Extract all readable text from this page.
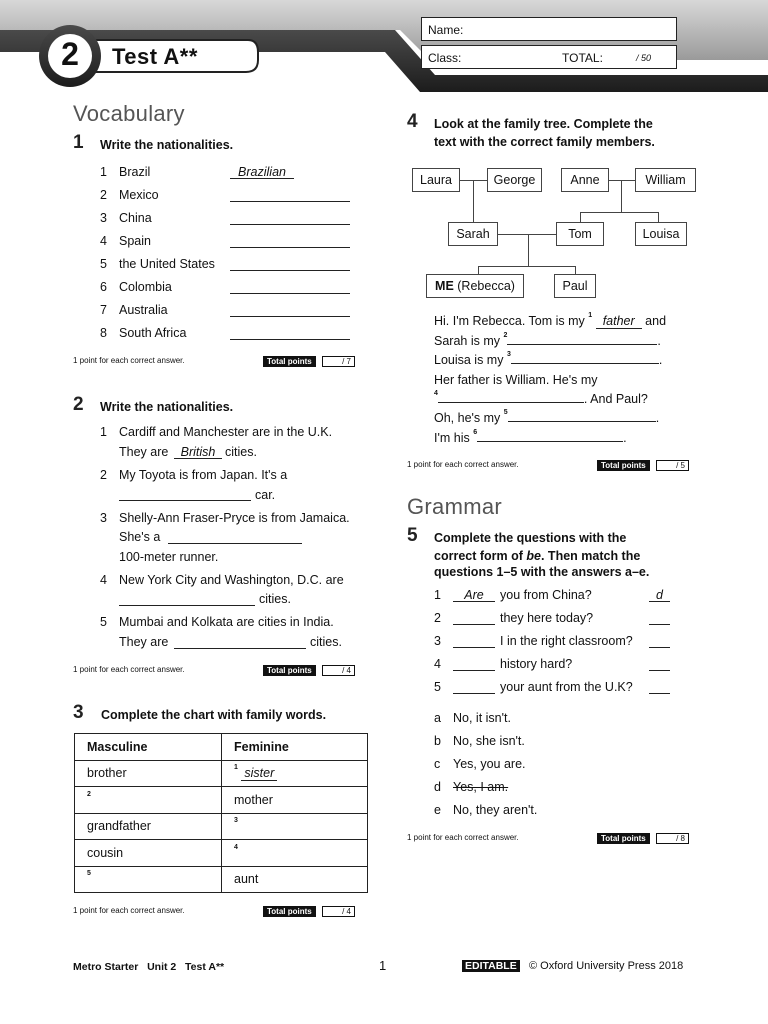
2	Test A**
Name:
Class:	TOTAL:	/ 50
Vocabulary
1 Write the nationalities.
1 Brazil	Brazilian
2 Mexico
3 China
4 Spain
5 the United States
6 Colombia
7 Australia
8 South Africa
1 point for each correct answer.	Total points	/ 7
2 Write the nationalities.
1 Cardiff and Manchester are in the U.K.
They are British cities.
2 My Toyota is from Japan. It's a
car.
3 Shelly-Ann Fraser-Pryce is from Jamaica.
She's a
100-meter runner.
4 New York City and Washington, D.C. are
cities.
5 Mumbai and Kolkata are cities in India.
They are	cities.
1 point for each correct answer.	Total points	/ 4
3 Complete the chart with family words.
Masculine	Feminine
brother	$^1$ sister
$^2$	mother
grandfather	$^3$
cousin	$^4$
$^5$	aunt
1 point for each correct answer.	Total points	/ 4
4 Look at the family tree. Complete the
text with the correct family members.
Laura	George	Anne	William
Sarah	Tom	Louisa
ME (Rebecca)	Paul
Hi. I'm Rebecca. Tom is my $^1$ father and
Sarah is my $^2$	.
Louisa is my $^3$	.
Her father is William. He's my
$^4$	. And Paul?
Oh, he's my $^5$	.
I'm his $^6$	.
1 point for each correct answer.	Total points	/ 5
Grammar
5 Complete the questions with the
correct form of be. Then match the
questions 1–5 with the answers a–e.
1	Are	you from China?	d
2	they here today?
3	I in the right classroom?
4	history hard?
5	your aunt from the U.K?
a No, it isn't.
b No, she isn't.
c Yes, you are.
d Yes, I am.
e No, they aren't.
1 point for each correct answer.	Total points	/ 8
Metro Starter   Unit 2   Test A**	1	EDITABLE © Oxford University Press 2018
